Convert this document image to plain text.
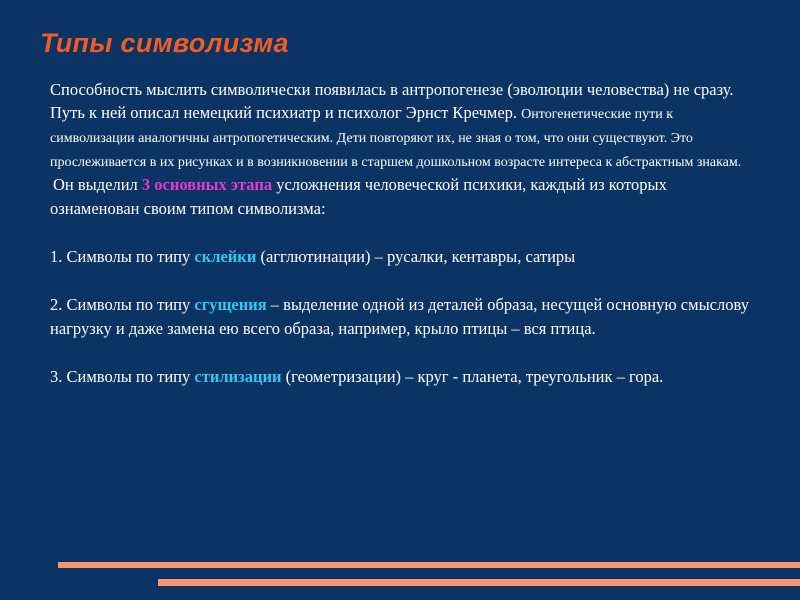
Типы символизма

Способность мыслить символически появилась в антропогенезе (эволюции человества) не сразу. Путь к ней описал немецкий психиатр и психолог Эрнст Кречмер. Онтогенетические пути к символизации аналогичны антропогетическим. Дети повторяют их, не зная о том, что они существуют. Это прослеживается в их рисунках и в возникновении в старшем дошкольном возрасте интереса к абстрактным знакам.

Он выделил 3 основных этапа усложнения человеческой психики, каждый из которых ознаменован своим типом символизма:

1. Символы по типу склейки (агглютинации) – русалки, кентавры, сатиры

2. Символы по типу сгущения – выделение одной из деталей образа, несущей основную смыслову нагрузку и даже замена ею всего образа, например, крыло птицы – вся птица.

3. Символы по типу стилизации (геометризации) – круг - планета, треугольник – гора.
